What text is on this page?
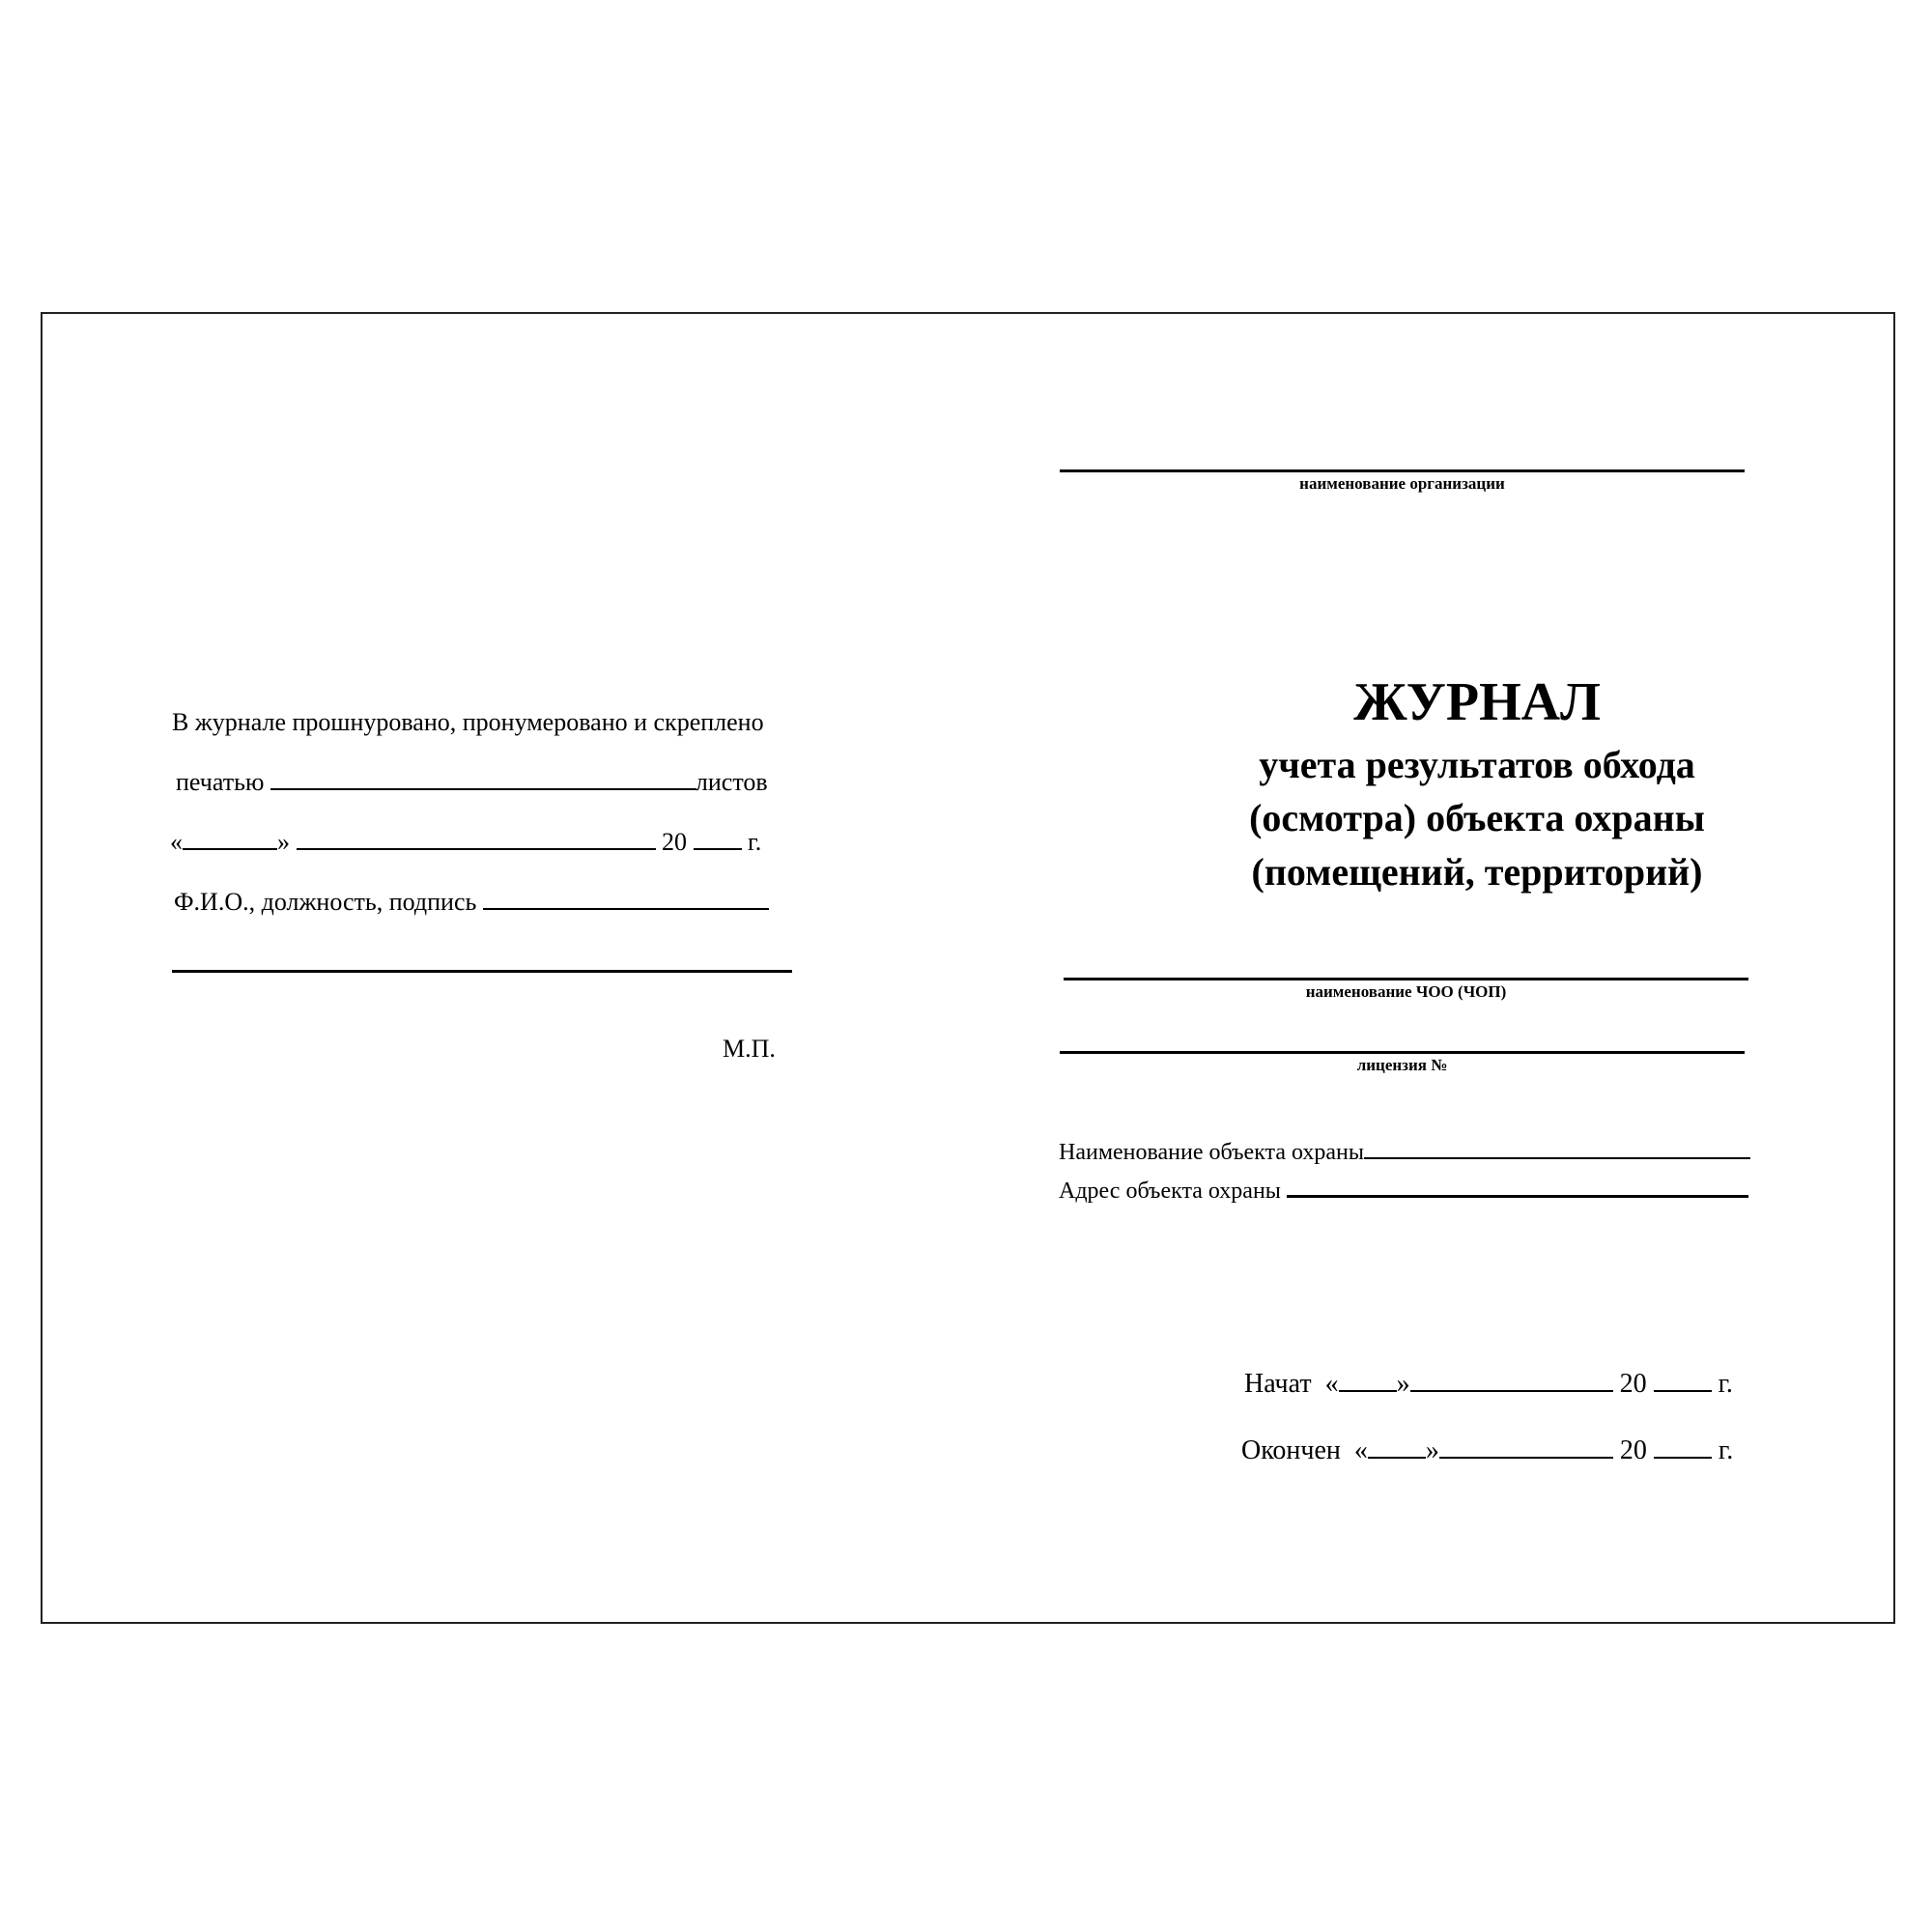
В журнале прошнуровано, пронумеровано и скреплено
печатью	листов
«	»	20 г.
Ф.И.О., должность, подпись
М.П.
наименование организации
ЖУРНАЛ
учета результатов обхода
(осмотра) объекта охраны
(помещений, территорий)
наименование ЧОО (ЧОП)
лицензия №
Наименование объекта охраны
Адрес объекта охраны
Начат « »	20	г.
Окончен « »	20	г.
